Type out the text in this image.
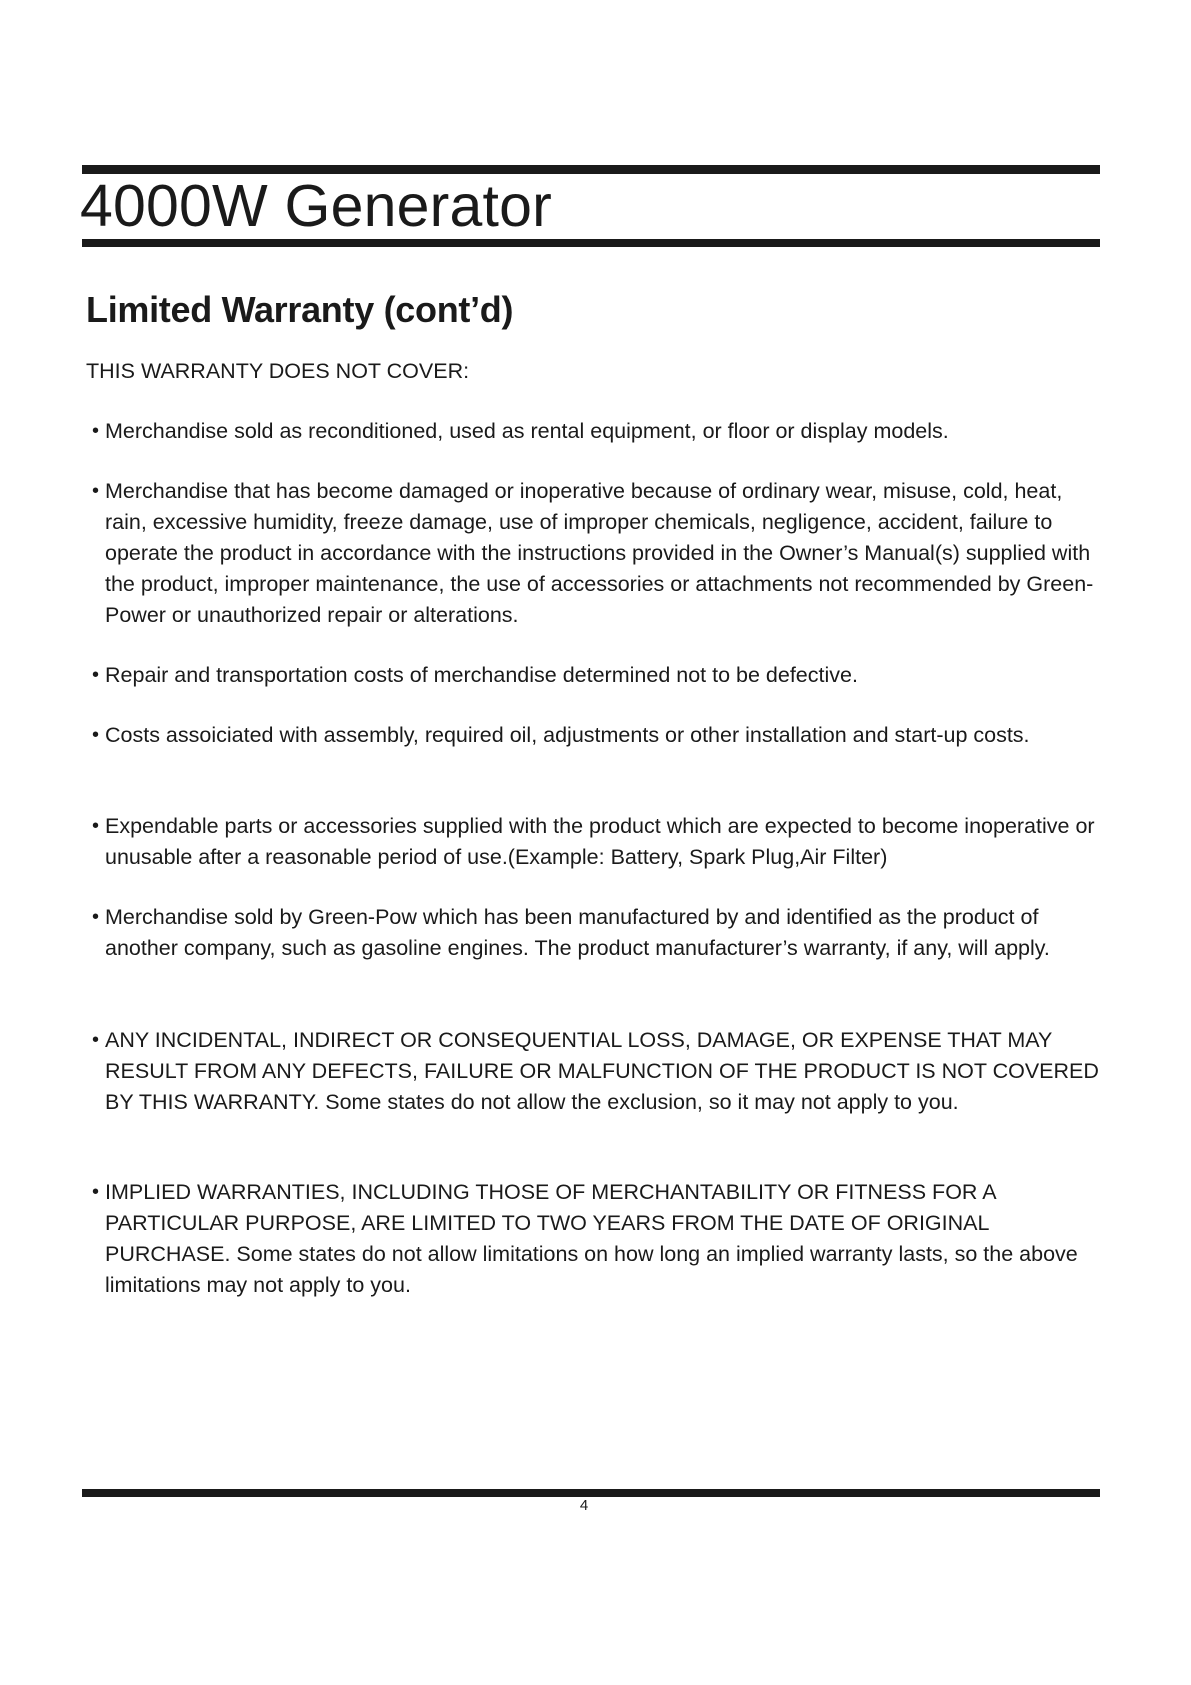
4000W Generator
Limited Warranty (cont’d)

THIS WARRANTY DOES NOT COVER:

• Merchandise sold as reconditioned, used as rental equipment, or floor or display models.
• Merchandise that has become damaged or inoperative because of ordinary wear, misuse, cold, heat, rain, excessive humidity, freeze damage, use of improper chemicals, negligence, accident, failure to operate the product in accordance with the instructions provided in the Owner’s Manual(s) supplied with the product, improper maintenance, the use of accessories or attachments not recommended by Green-Power or unauthorized repair or alterations.
• Repair and transportation costs of merchandise determined not to be defective.
• Costs assoiciated with assembly, required oil, adjustments or other installation and start-up costs.
• Expendable parts or accessories supplied with the product which are expected to become inoperative or unusable after a reasonable period of use.(Example: Battery, Spark Plug,Air Filter)
• Merchandise sold by Green-Pow which has been manufactured by and identified as the product of another company, such as gasoline engines. The product manufacturer’s warranty, if any, will apply.
• ANY INCIDENTAL, INDIRECT OR CONSEQUENTIAL LOSS, DAMAGE, OR EXPENSE THAT MAY RESULT FROM ANY DEFECTS, FAILURE OR MALFUNCTION OF THE PRODUCT IS NOT COVERED BY THIS WARRANTY. Some states do not allow the exclusion, so it may not apply to you.
• IMPLIED WARRANTIES, INCLUDING THOSE OF MERCHANTABILITY OR FITNESS FOR A PARTICULAR PURPOSE, ARE LIMITED TO TWO YEARS FROM THE DATE OF ORIGINAL PURCHASE. Some states do not allow limitations on how long an implied warranty lasts, so the above limitations may not apply to you.
4
